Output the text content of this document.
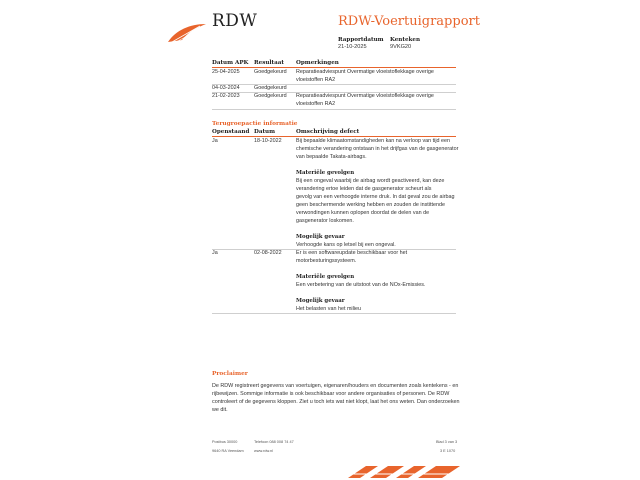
RDW	RDW-Voertuigrapport
Rapportdatum
21-10-2025
Kenteken
9VKG20
Datum APK Resultaat Opmerkingen
25-04-2025	Goedgekeurd Reparatieadviespunt Overmatige vloeistoflekkage overige
vloeistoffen RA2
04-03-2024	Goedgekeurd
21-02-2023	Goedgekeurd Reparatieadviespunt Overmatige vloeistoflekkage overige
vloeistoffen RA2
Terugroepactie informatie
Openstaand Datum	Omschrijving defect
Ja	18-10-2022	Bij bepaalde klimaatomstandigheden kan na verloop van tijd een
chemische verandering ontstaan in het drijfgas van de gasgenerator
van bepaalde Takata-airbags.
Materiële gevolgen
Bij een ongeval waarbij de airbag wordt geactiveerd, kan deze
verandering ertoe leiden dat de gasgenerator scheurt als
gevolg van een verhoogde interne druk. In dat geval zou de airbag
geen beschermende werking hebben en zouden de instittende
verwondingen kunnen oplopen doordat de delen van de
gasgenerator loskomen.
Mogelijk gevaar
Verhoogde kans op letsel bij een ongeval.
Ja	02-08-2022	Er is een softwareupdate beschikbaar voor het
motorbesturingssysteem.
Materiële gevolgen
Een verbetering van de uitstoot van de NOx-Emissies.
Mogelijk gevaar
Het belasten van het milieu
Proclaimer
De RDW registreert gegevens van voertuigen, eigenaren/houders en documenten zoals kentekens - en
rijbewijzen. Sommige informatie is ook beschikbaar voor andere organisaties of personen. De RDW
controleert of de gegevens kloppen. Ziet u toch iets wat niet klopt, laat het ons weten. Dan onderzoeken
we dit.
Postbus 30000
9640 RA Veendam
Telefoon 088 008 74 47
www.rdw.nl
Blad 3 van 3
3 E 1070
